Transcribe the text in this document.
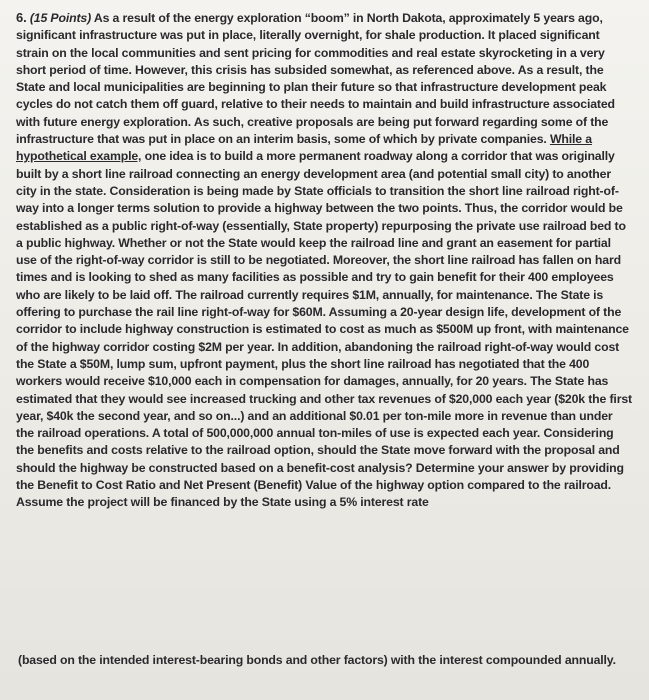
6. (15 Points) As a result of the energy exploration “boom” in North Dakota, approximately 5 years ago, significant infrastructure was put in place, literally overnight, for shale production. It placed significant strain on the local communities and sent pricing for commodities and real estate skyrocketing in a very short period of time. However, this crisis has subsided somewhat, as referenced above. As a result, the State and local municipalities are beginning to plan their future so that infrastructure development peak cycles do not catch them off guard, relative to their needs to maintain and build infrastructure associated with future energy exploration. As such, creative proposals are being put forward regarding some of the infrastructure that was put in place on an interim basis, some of which by private companies. While a hypothetical example, one idea is to build a more permanent roadway along a corridor that was originally built by a short line railroad connecting an energy development area (and potential small city) to another city in the state. Consideration is being made by State officials to transition the short line railroad right-of-way into a longer terms solution to provide a highway between the two points. Thus, the corridor would be established as a public right-of-way (essentially, State property) repurposing the private use railroad bed to a public highway. Whether or not the State would keep the railroad line and grant an easement for partial use of the right-of-way corridor is still to be negotiated. Moreover, the short line railroad has fallen on hard times and is looking to shed as many facilities as possible and try to gain benefit for their 400 employees who are likely to be laid off. The railroad currently requires $1M, annually, for maintenance. The State is offering to purchase the rail line right-of-way for $60M. Assuming a 20-year design life, development of the corridor to include highway construction is estimated to cost as much as $500M up front, with maintenance of the highway corridor costing $2M per year. In addition, abandoning the railroad right-of-way would cost the State a $50M, lump sum, upfront payment, plus the short line railroad has negotiated that the 400 workers would receive $10,000 each in compensation for damages, annually, for 20 years. The State has estimated that they would see increased trucking and other tax revenues of $20,000 each year ($20k the first year, $40k the second year, and so on...) and an additional $0.01 per ton-mile more in revenue than under the railroad operations. A total of 500,000,000 annual ton-miles of use is expected each year. Considering the benefits and costs relative to the railroad option, should the State move forward with the proposal and should the highway be constructed based on a benefit-cost analysis? Determine your answer by providing the Benefit to Cost Ratio and Net Present (Benefit) Value of the highway option compared to the railroad. Assume the project will be financed by the State using a 5% interest rate
(based on the intended interest-bearing bonds and other factors) with the interest compounded annually.
